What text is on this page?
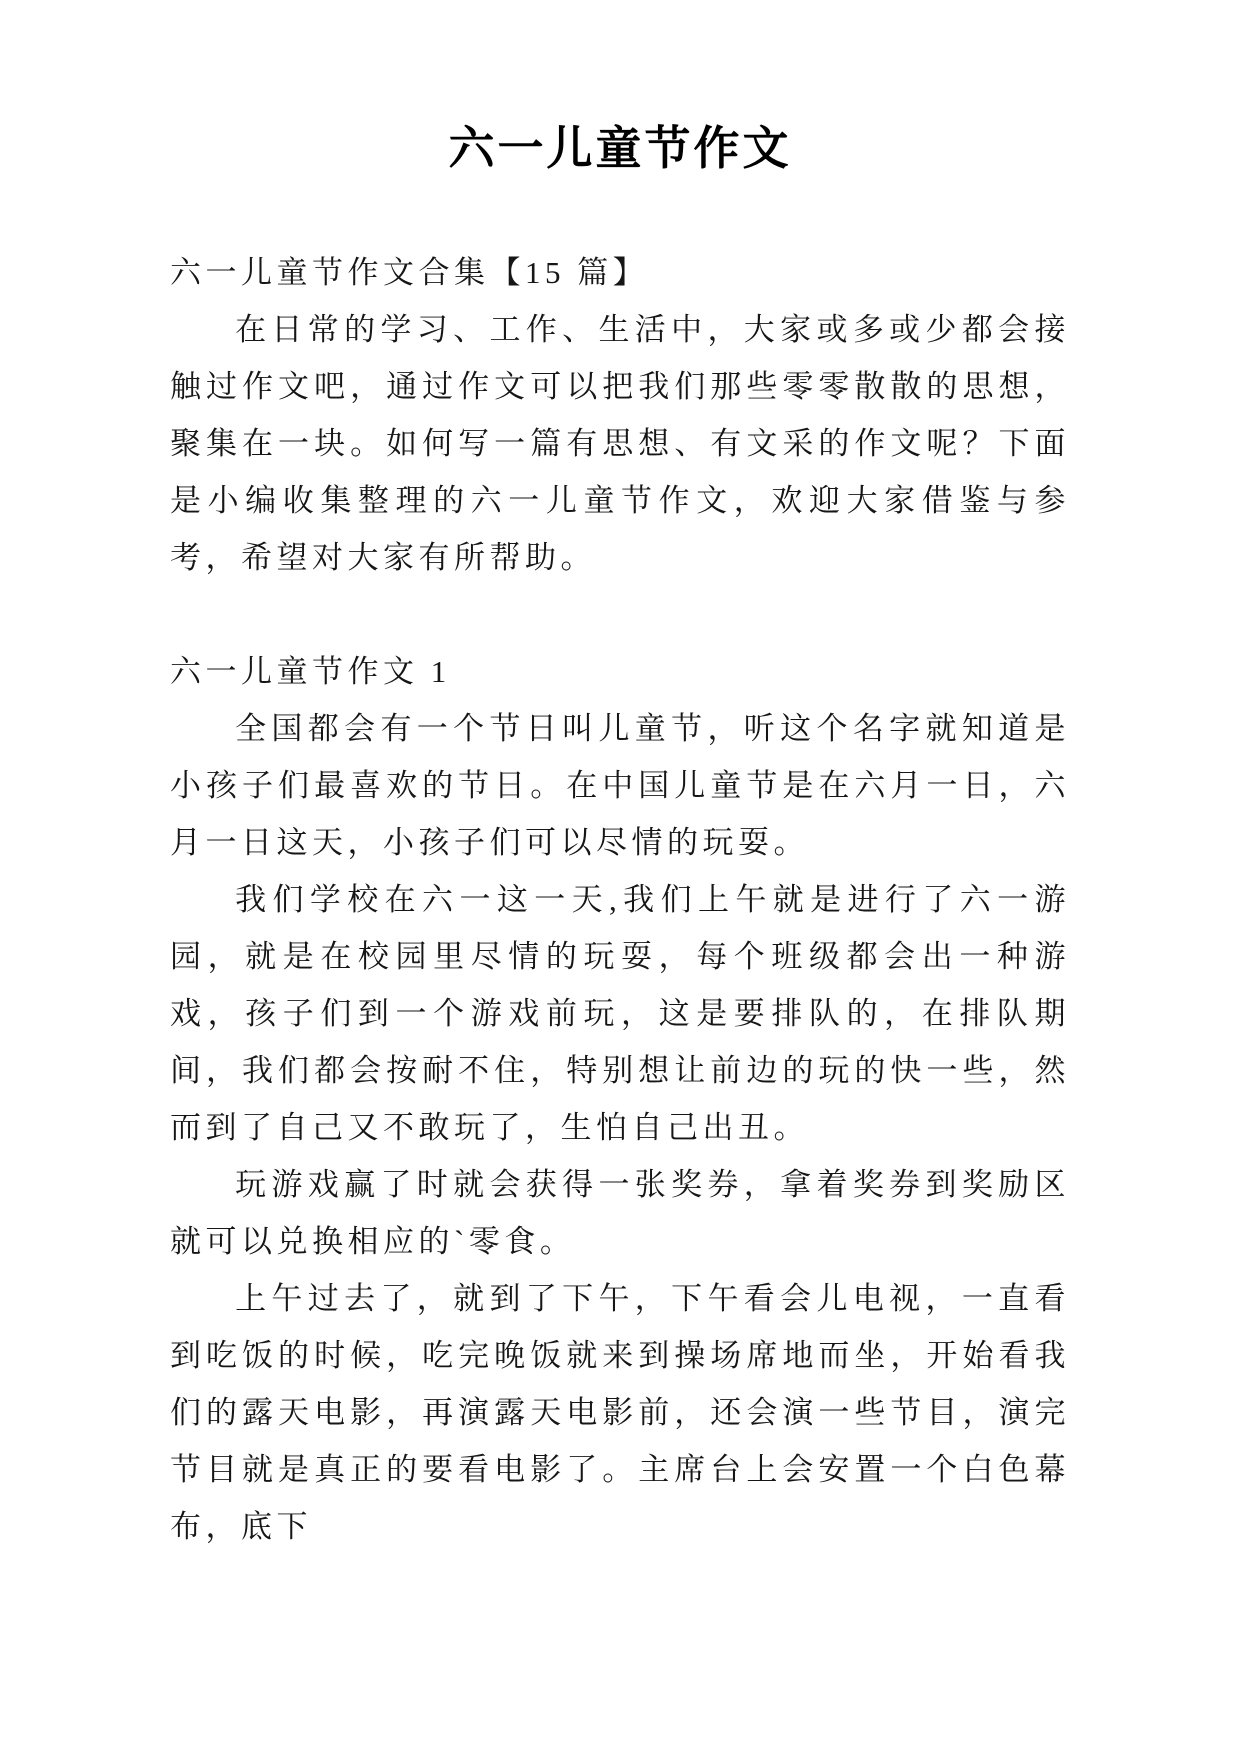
六一儿童节作文

六一儿童节作文合集【15 篇】

在日常的学习、工作、生活中，大家或多或少都会接触过作文吧，通过作文可以把我们那些零零散散的思想，聚集在一块。如何写一篇有思想、有文采的作文呢？下面是小编收集整理的六一儿童节作文，欢迎大家借鉴与参考，希望对大家有所帮助。

六一儿童节作文 1

全国都会有一个节日叫儿童节，听这个名字就知道是小孩子们最喜欢的节日。在中国儿童节是在六月一日，六月一日这天，小孩子们可以尽情的玩耍。

我们学校在六一这一天,我们上午就是进行了六一游园，就是在校园里尽情的玩耍，每个班级都会出一种游戏，孩子们到一个游戏前玩，这是要排队的，在排队期间，我们都会按耐不住，特别想让前边的玩的快一些，然而到了自己又不敢玩了，生怕自己出丑。

玩游戏赢了时就会获得一张奖券，拿着奖券到奖励区就可以兑换相应的`零食。

上午过去了，就到了下午，下午看会儿电视，一直看到吃饭的时候，吃完晚饭就来到操场席地而坐，开始看我们的露天电影，再演露天电影前，还会演一些节目，演完节目就是真正的要看电影了。主席台上会安置一个白色幕布，底下
